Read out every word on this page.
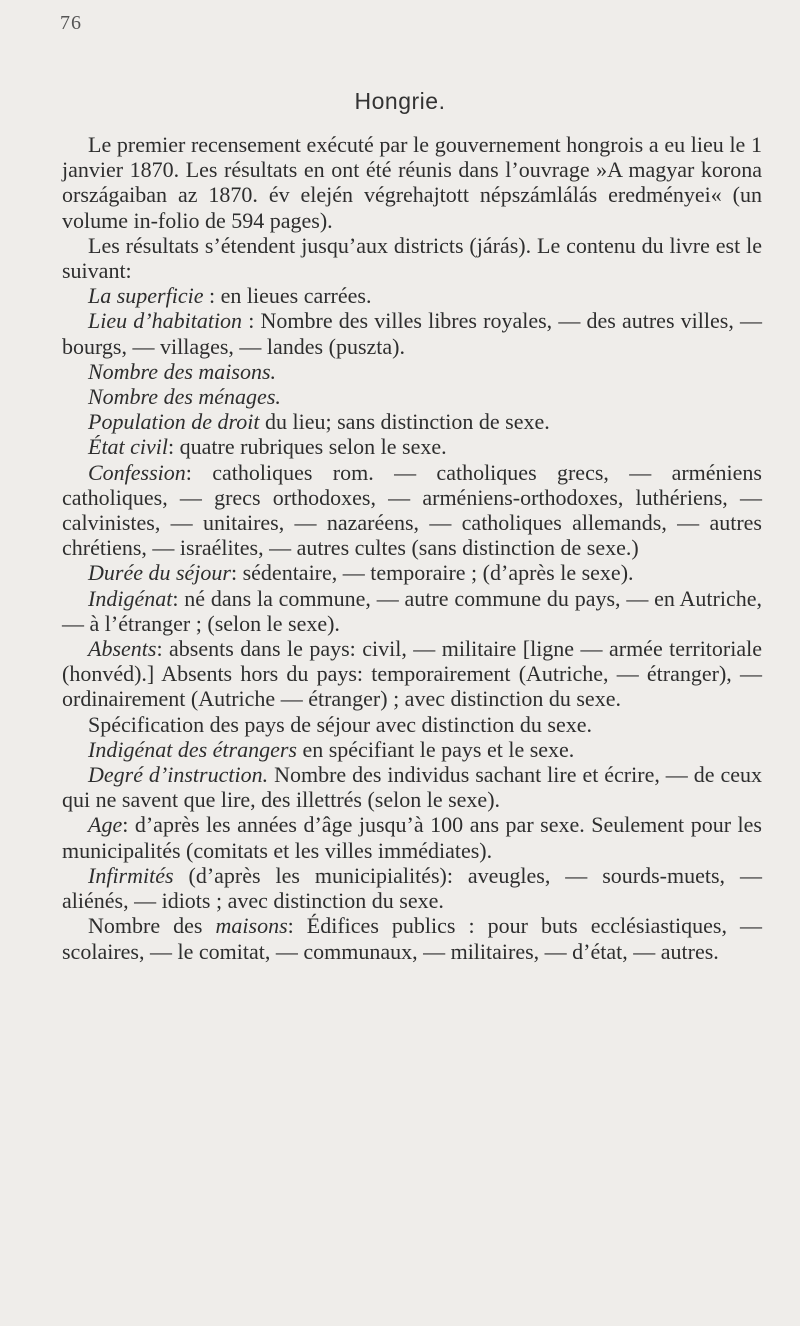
76
Hongrie.

Le premier recensement exécuté par le gouvernement hongrois a eu lieu le 1 janvier 1870. Les résultats en ont été réunis dans l’ouvrage »A magyar korona országaiban az 1870. év elején végrehajtott népszámlálás eredményei« (un volume in-folio de 594 pages).

Les résultats s’étendent jusqu’aux districts (járás). Le contenu du livre est le suivant:

La superficie : en lieues carrées.

Lieu d’habitation : Nombre des villes libres royales, — des autres villes, — bourgs, — villages, — landes (puszta).

Nombre des maisons.

Nombre des ménages.

Population de droit du lieu; sans distinction de sexe.

État civil: quatre rubriques selon le sexe.

Confession: catholiques rom. — catholiques grecs, — arméniens catholiques, — grecs orthodoxes, — arméniens-orthodoxes, luthériens, — calvinistes, — unitaires, — nazaréens, — catholiques allemands, — autres chrétiens, — israélites, — autres cultes (sans distinction de sexe.)

Durée du séjour: sédentaire, — temporaire ; (d’après le sexe).

Indigénat: né dans la commune, — autre commune du pays, — en Autriche, — à l’étranger ; (selon le sexe).

Absents: absents dans le pays: civil, — militaire [ligne — armée territoriale (honvéd).] Absents hors du pays: temporairement (Autriche, — étranger), — ordinairement (Autriche — étranger) ; avec distinction du sexe.

Spécification des pays de séjour avec distinction du sexe.

Indigénat des étrangers en spécifiant le pays et le sexe.

Degré d’instruction. Nombre des individus sachant lire et écrire, — de ceux qui ne savent que lire, des illettrés (selon le sexe).

Age: d’après les années d’âge jusqu’à 100 ans par sexe. Seulement pour les municipalités (comitats et les villes immédiates).

Infirmités (d’après les municipialités): aveugles, — sourds-muets, — aliénés, — idiots ; avec distinction du sexe.

Nombre des maisons: Édifices publics : pour buts ecclésiastiques, — scolaires, — le comitat, — communaux, — militaires, — d’état, — autres.
